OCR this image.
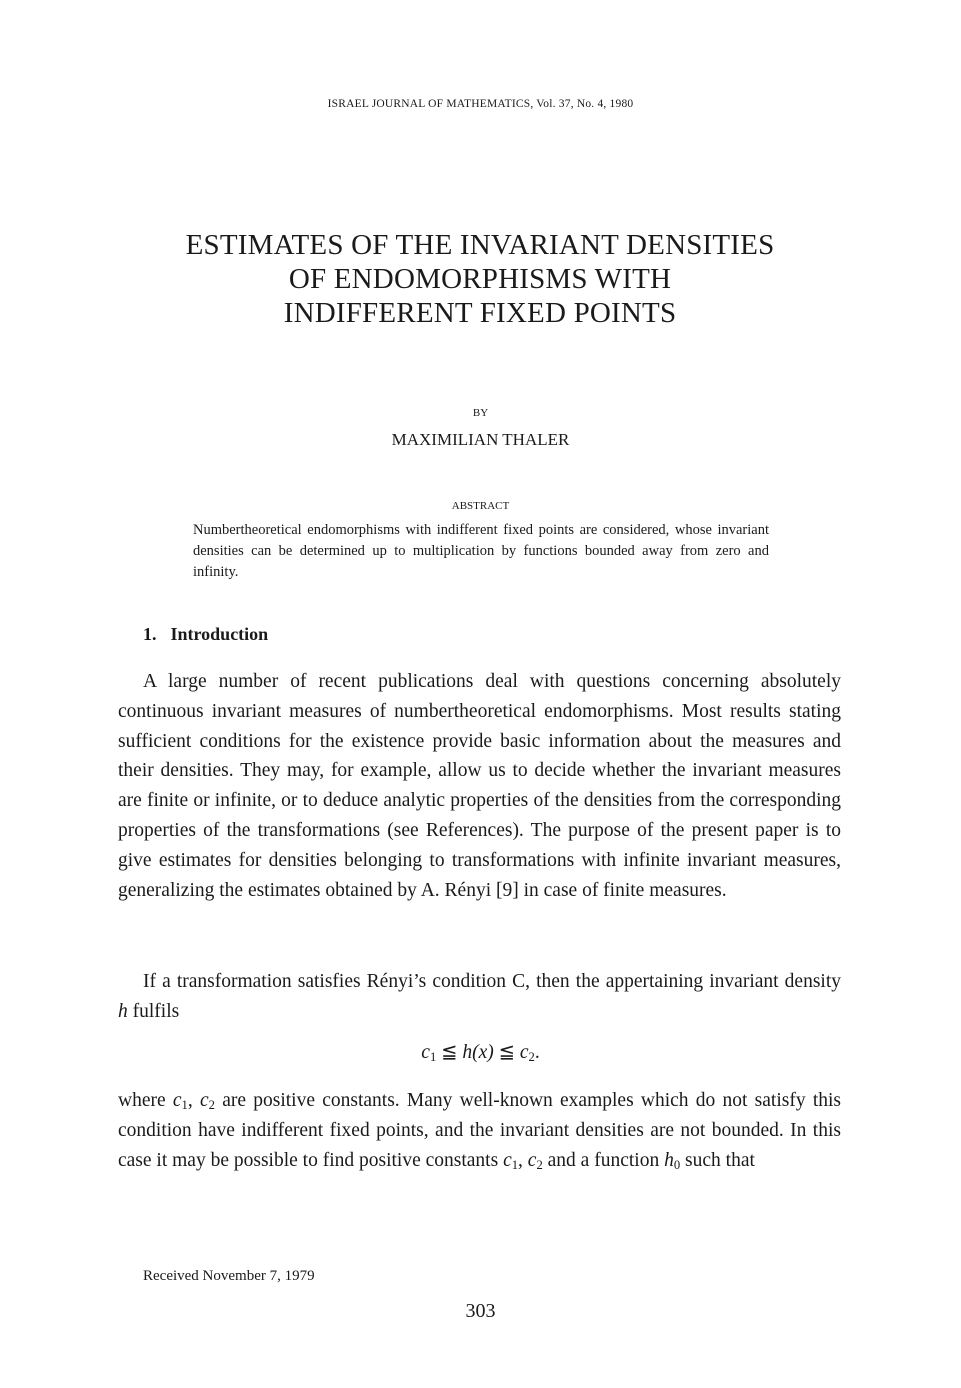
ISRAEL JOURNAL OF MATHEMATICS, Vol. 37, No. 4, 1980
ESTIMATES OF THE INVARIANT DENSITIES
OF ENDOMORPHISMS WITH
INDIFFERENT FIXED POINTS
BY
MAXIMILIAN THALER
ABSTRACT
Numbertheoretical endomorphisms with indifferent fixed points are considered, whose invariant densities can be determined up to multiplication by functions bounded away from zero and infinity.
1. Introduction
A large number of recent publications deal with questions concerning absolutely continuous invariant measures of numbertheoretical endomorphisms. Most results stating sufficient conditions for the existence provide basic information about the measures and their densities. They may, for example, allow us to decide whether the invariant measures are finite or infinite, or to deduce analytic properties of the densities from the corresponding properties of the transformations (see References). The purpose of the present paper is to give estimates for densities belonging to transformations with infinite invariant measures, generalizing the estimates obtained by A. Rényi [9] in case of finite measures.
If a transformation satisfies Rényi’s condition C, then the appertaining invariant density h fulfils
$c_1$ ≦ h(x) ≦ $c_2$.
where $c_1$, $c_2$ are positive constants. Many well-known examples which do not satisfy this condition have indifferent fixed points, and the invariant densities are not bounded. In this case it may be possible to find positive constants $c_1$, $c_2$ and a function $h_0$ such that
Received November 7, 1979
303
